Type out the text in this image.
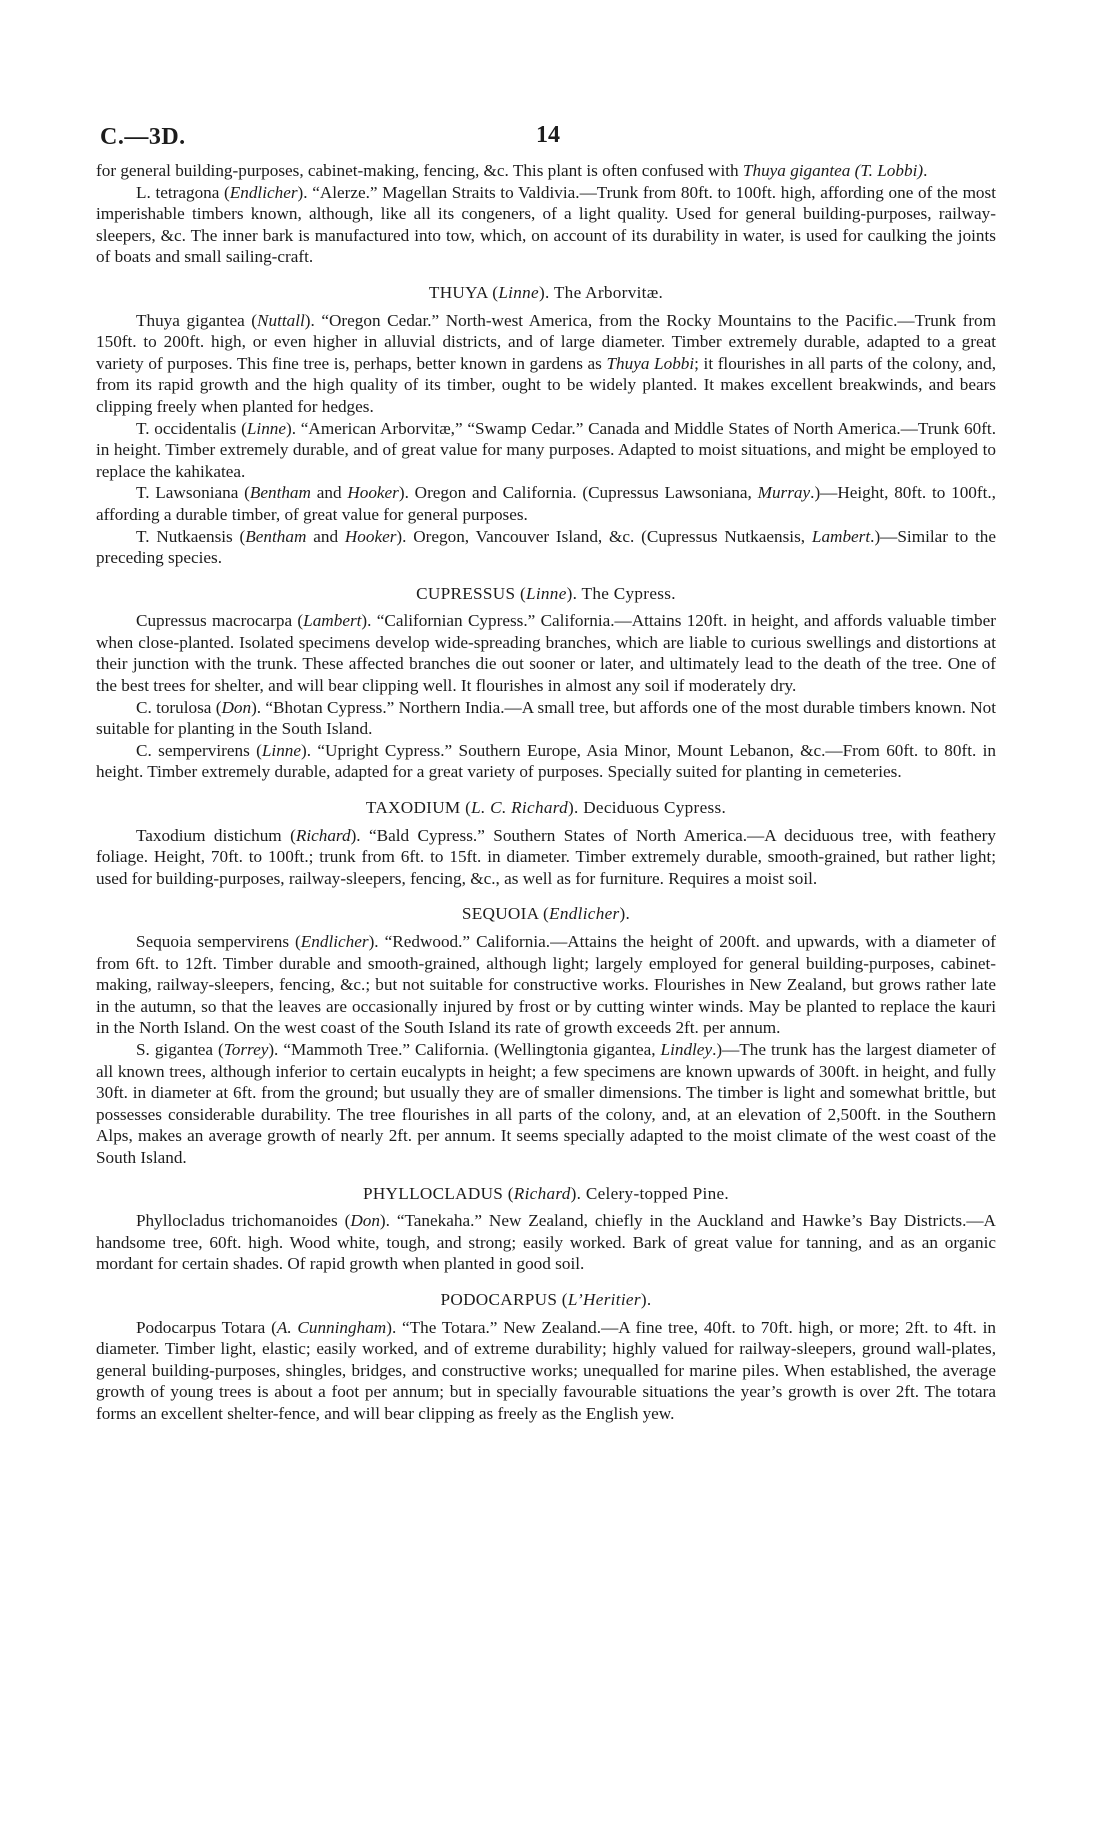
C.—3D.	14

for general building-purposes, cabinet-making, fencing, &c. This plant is often confused with Thuya gigantea (T. Lobbi).

L. tetragona (Endlicher). “Alerze.” Magellan Straits to Valdivia.—Trunk from 80ft. to 100ft. high, affording one of the most imperishable timbers known, although, like all its congeners, of a light quality. Used for general building-purposes, railway-sleepers, &c. The inner bark is manufactured into tow, which, on account of its durability in water, is used for caulking the joints of boats and small sailing-craft.

THUYA (Linne). The Arborvitæ.

Thuya gigantea (Nuttall). “Oregon Cedar.” North-west America, from the Rocky Mountains to the Pacific.—Trunk from 150ft. to 200ft. high, or even higher in alluvial districts, and of large diameter. Timber extremely durable, adapted to a great variety of purposes. This fine tree is, perhaps, better known in gardens as Thuya Lobbi; it flourishes in all parts of the colony, and, from its rapid growth and the high quality of its timber, ought to be widely planted. It makes excellent breakwinds, and bears clipping freely when planted for hedges.

T. occidentalis (Linne). “American Arborvitæ,” “Swamp Cedar.” Canada and Middle States of North America.—Trunk 60ft. in height. Timber extremely durable, and of great value for many purposes. Adapted to moist situations, and might be employed to replace the kahikatea.

T. Lawsoniana (Bentham and Hooker). Oregon and California. (Cupressus Lawsoniana, Murray.)—Height, 80ft. to 100ft., affording a durable timber, of great value for general purposes.

T. Nutkaensis (Bentham and Hooker). Oregon, Vancouver Island, &c. (Cupressus Nutkaensis, Lambert.)—Similar to the preceding species.

CUPRESSUS (Linne). The Cypress.

Cupressus macrocarpa (Lambert). “Californian Cypress.” California.—Attains 120ft. in height, and affords valuable timber when close-planted. Isolated specimens develop wide-spreading branches, which are liable to curious swellings and distortions at their junction with the trunk. These affected branches die out sooner or later, and ultimately lead to the death of the tree. One of the best trees for shelter, and will bear clipping well. It flourishes in almost any soil if moderately dry.

C. torulosa (Don). “Bhotan Cypress.” Northern India.—A small tree, but affords one of the most durable timbers known. Not suitable for planting in the South Island.

C. sempervirens (Linne). “Upright Cypress.” Southern Europe, Asia Minor, Mount Lebanon, &c.—From 60ft. to 80ft. in height. Timber extremely durable, adapted for a great variety of purposes. Specially suited for planting in cemeteries.

TAXODIUM (L. C. Richard). Deciduous Cypress.

Taxodium distichum (Richard). “Bald Cypress.” Southern States of North America.—A deciduous tree, with feathery foliage. Height, 70ft. to 100ft.; trunk from 6ft. to 15ft. in diameter. Timber extremely durable, smooth-grained, but rather light; used for building-purposes, railway-sleepers, fencing, &c., as well as for furniture. Requires a moist soil.

SEQUOIA (Endlicher).

Sequoia sempervirens (Endlicher). “Redwood.” California.—Attains the height of 200ft. and upwards, with a diameter of from 6ft. to 12ft. Timber durable and smooth-grained, although light; largely employed for general building-purposes, cabinet-making, railway-sleepers, fencing, &c.; but not suitable for constructive works. Flourishes in New Zealand, but grows rather late in the autumn, so that the leaves are occasionally injured by frost or by cutting winter winds. May be planted to replace the kauri in the North Island. On the west coast of the South Island its rate of growth exceeds 2ft. per annum.

S. gigantea (Torrey). “Mammoth Tree.” California. (Wellingtonia gigantea, Lindley.)—The trunk has the largest diameter of all known trees, although inferior to certain eucalypts in height; a few specimens are known upwards of 300ft. in height, and fully 30ft. in diameter at 6ft. from the ground; but usually they are of smaller dimensions. The timber is light and somewhat brittle, but possesses considerable durability. The tree flourishes in all parts of the colony, and, at an elevation of 2,500ft. in the Southern Alps, makes an average growth of nearly 2ft. per annum. It seems specially adapted to the moist climate of the west coast of the South Island.

PHYLLOCLADUS (Richard). Celery-topped Pine.

Phyllocladus trichomanoides (Don). “Tanekaha.” New Zealand, chiefly in the Auckland and Hawke’s Bay Districts.—A handsome tree, 60ft. high. Wood white, tough, and strong; easily worked. Bark of great value for tanning, and as an organic mordant for certain shades. Of rapid growth when planted in good soil.

PODOCARPUS (L’Heritier).

Podocarpus Totara (A. Cunningham). “The Totara.” New Zealand.—A fine tree, 40ft. to 70ft. high, or more; 2ft. to 4ft. in diameter. Timber light, elastic; easily worked, and of extreme durability; highly valued for railway-sleepers, ground wall-plates, general building-purposes, shingles, bridges, and constructive works; unequalled for marine piles. When established, the average growth of young trees is about a foot per annum; but in specially favourable situations the year’s growth is over 2ft. The totara forms an excellent shelter-fence, and will bear clipping as freely as the English yew.
